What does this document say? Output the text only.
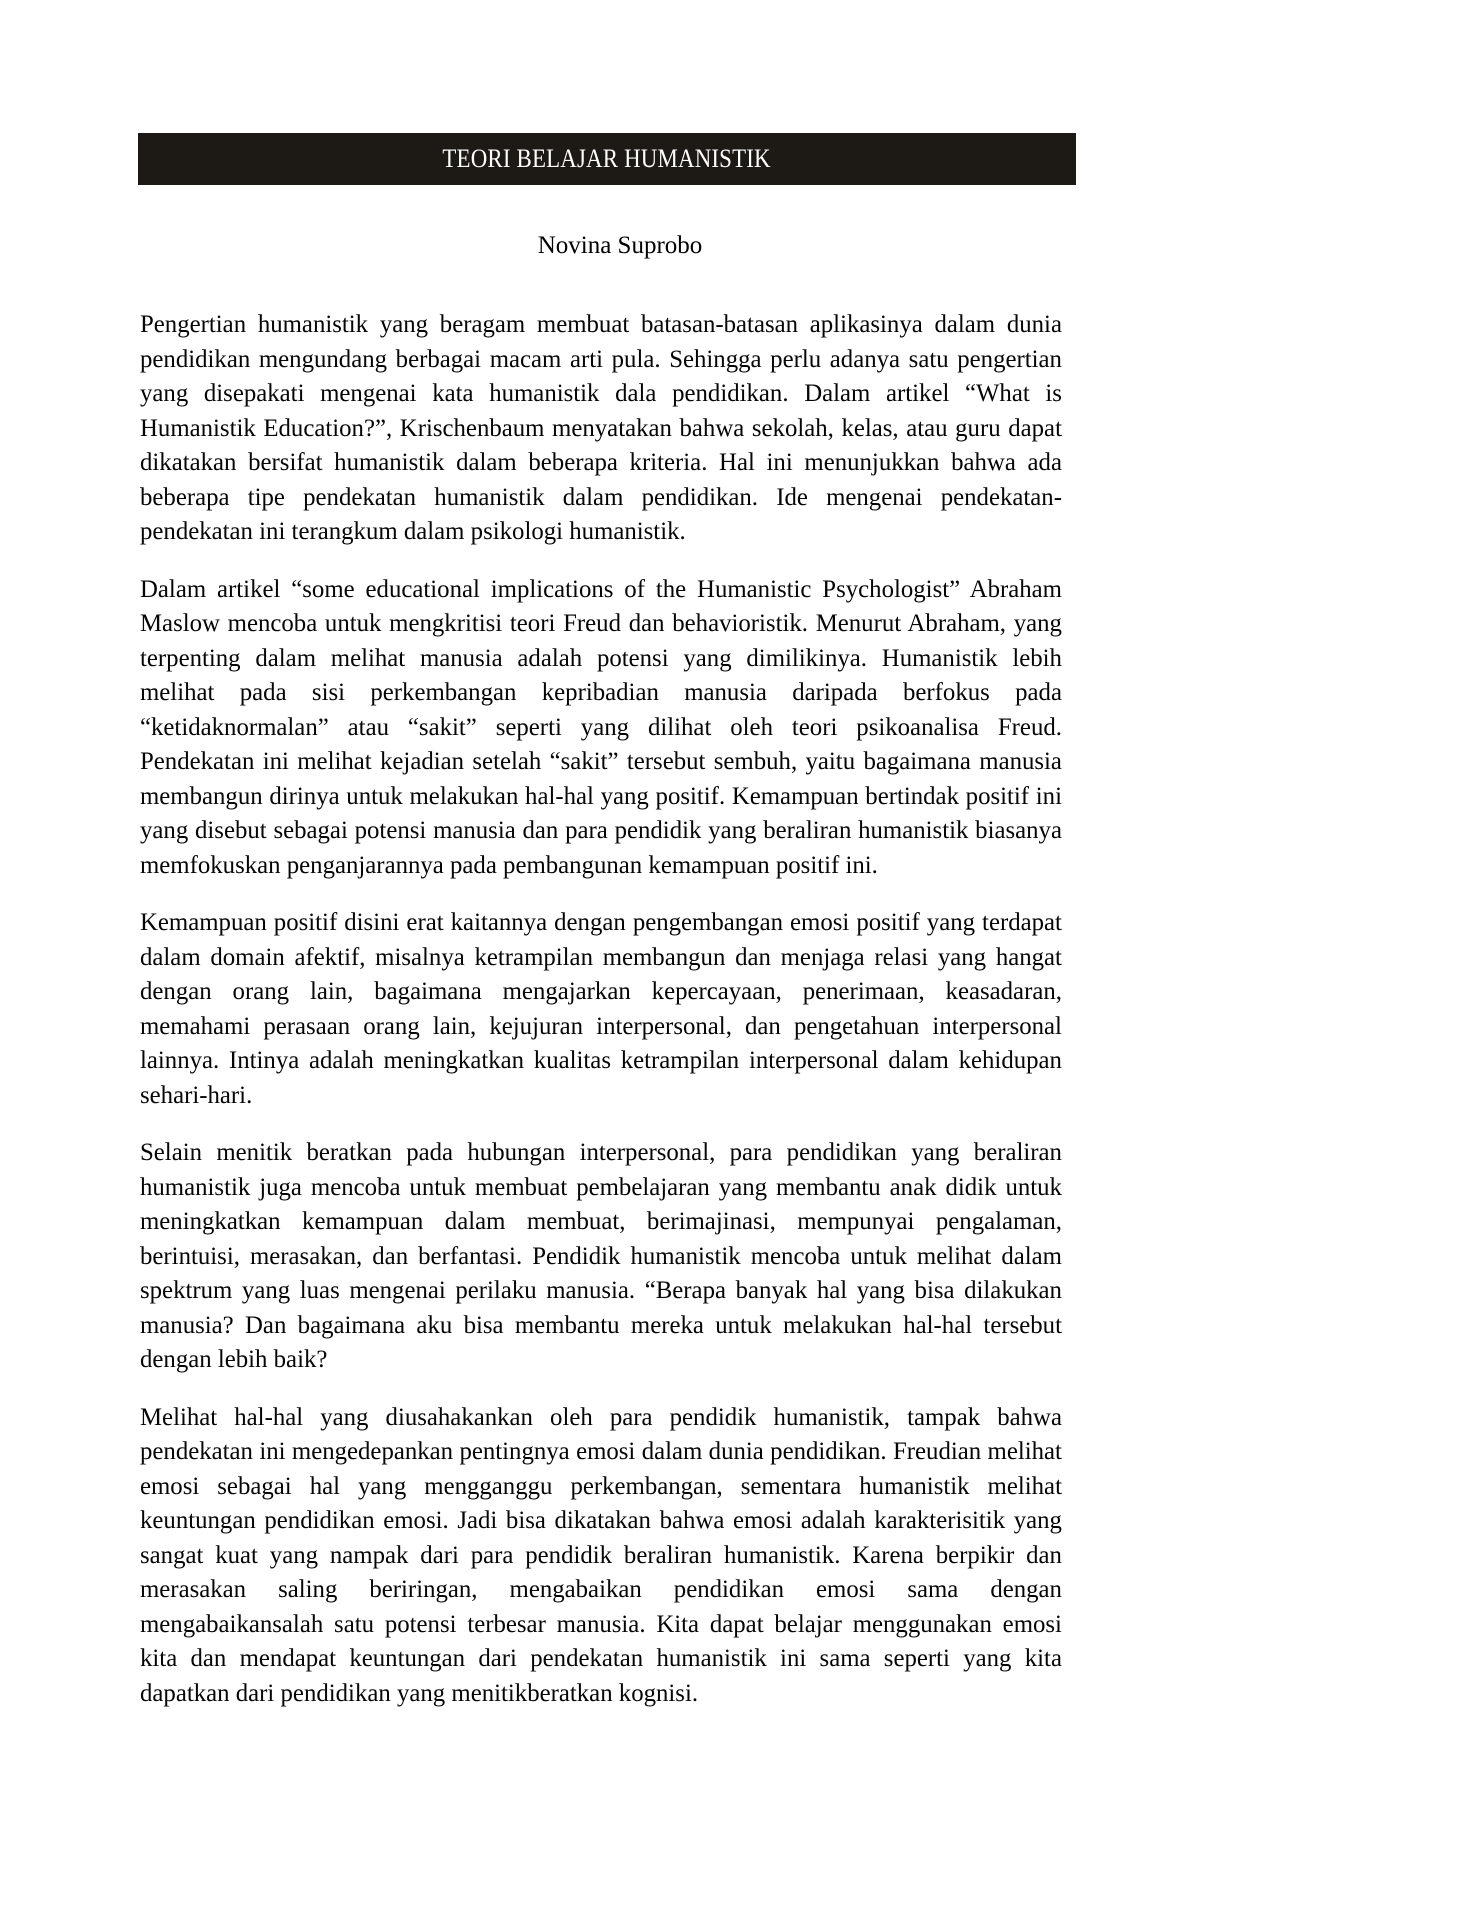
TEORI BELAJAR HUMANISTIK
Novina Suprobo

Pengertian humanistik yang beragam membuat batasan-batasan aplikasinya dalam dunia pendidikan mengundang berbagai macam arti pula. Sehingga perlu adanya satu pengertian yang disepakati mengenai kata humanistik dala pendidikan. Dalam artikel “What is Humanistik Education?”, Krischenbaum menyatakan bahwa sekolah, kelas, atau guru dapat dikatakan bersifat humanistik dalam beberapa kriteria. Hal ini menunjukkan bahwa ada beberapa tipe pendekatan humanistik dalam pendidikan. Ide mengenai pendekatan-pendekatan ini terangkum dalam psikologi humanistik.

Dalam artikel “some educational implications of the Humanistic Psychologist” Abraham Maslow mencoba untuk mengkritisi teori Freud dan behavioristik. Menurut Abraham, yang terpenting dalam melihat manusia adalah potensi yang dimilikinya. Humanistik lebih melihat pada sisi perkembangan kepribadian manusia daripada berfokus pada “ketidaknormalan” atau “sakit” seperti yang dilihat oleh teori psikoanalisa Freud. Pendekatan ini melihat kejadian setelah “sakit” tersebut sembuh, yaitu bagaimana manusia membangun dirinya untuk melakukan hal-hal yang positif. Kemampuan bertindak positif ini yang disebut sebagai potensi manusia dan para pendidik yang beraliran humanistik biasanya memfokuskan penganjarannya pada pembangunan kemampuan positif ini.

Kemampuan positif disini erat kaitannya dengan pengembangan emosi positif yang terdapat dalam domain afektif, misalnya ketrampilan membangun dan menjaga relasi yang hangat dengan orang lain, bagaimana mengajarkan kepercayaan, penerimaan, keasadaran, memahami perasaan orang lain, kejujuran interpersonal, dan pengetahuan interpersonal lainnya. Intinya adalah meningkatkan kualitas ketrampilan interpersonal dalam kehidupan sehari-hari.

Selain menitik beratkan pada hubungan interpersonal, para pendidikan yang beraliran humanistik juga mencoba untuk membuat pembelajaran yang membantu anak didik untuk meningkatkan kemampuan dalam membuat, berimajinasi, mempunyai pengalaman, berintuisi, merasakan, dan berfantasi. Pendidik humanistik mencoba untuk melihat dalam spektrum yang luas mengenai perilaku manusia. “Berapa banyak hal yang bisa dilakukan manusia? Dan bagaimana aku bisa membantu mereka untuk melakukan hal-hal tersebut dengan lebih baik?

Melihat hal-hal yang diusahakankan oleh para pendidik humanistik, tampak bahwa pendekatan ini mengedepankan pentingnya emosi dalam dunia pendidikan. Freudian melihat emosi sebagai hal yang mengganggu perkembangan, sementara humanistik melihat keuntungan pendidikan emosi. Jadi bisa dikatakan bahwa emosi adalah karakterisitik yang sangat kuat yang nampak dari para pendidik beraliran humanistik. Karena berpikir dan merasakan saling beriringan, mengabaikan pendidikan emosi sama dengan mengabaikansalah satu potensi terbesar manusia. Kita dapat belajar menggunakan emosi kita dan mendapat keuntungan dari pendekatan humanistik ini sama seperti yang kita dapatkan dari pendidikan yang menitikberatkan kognisi.
